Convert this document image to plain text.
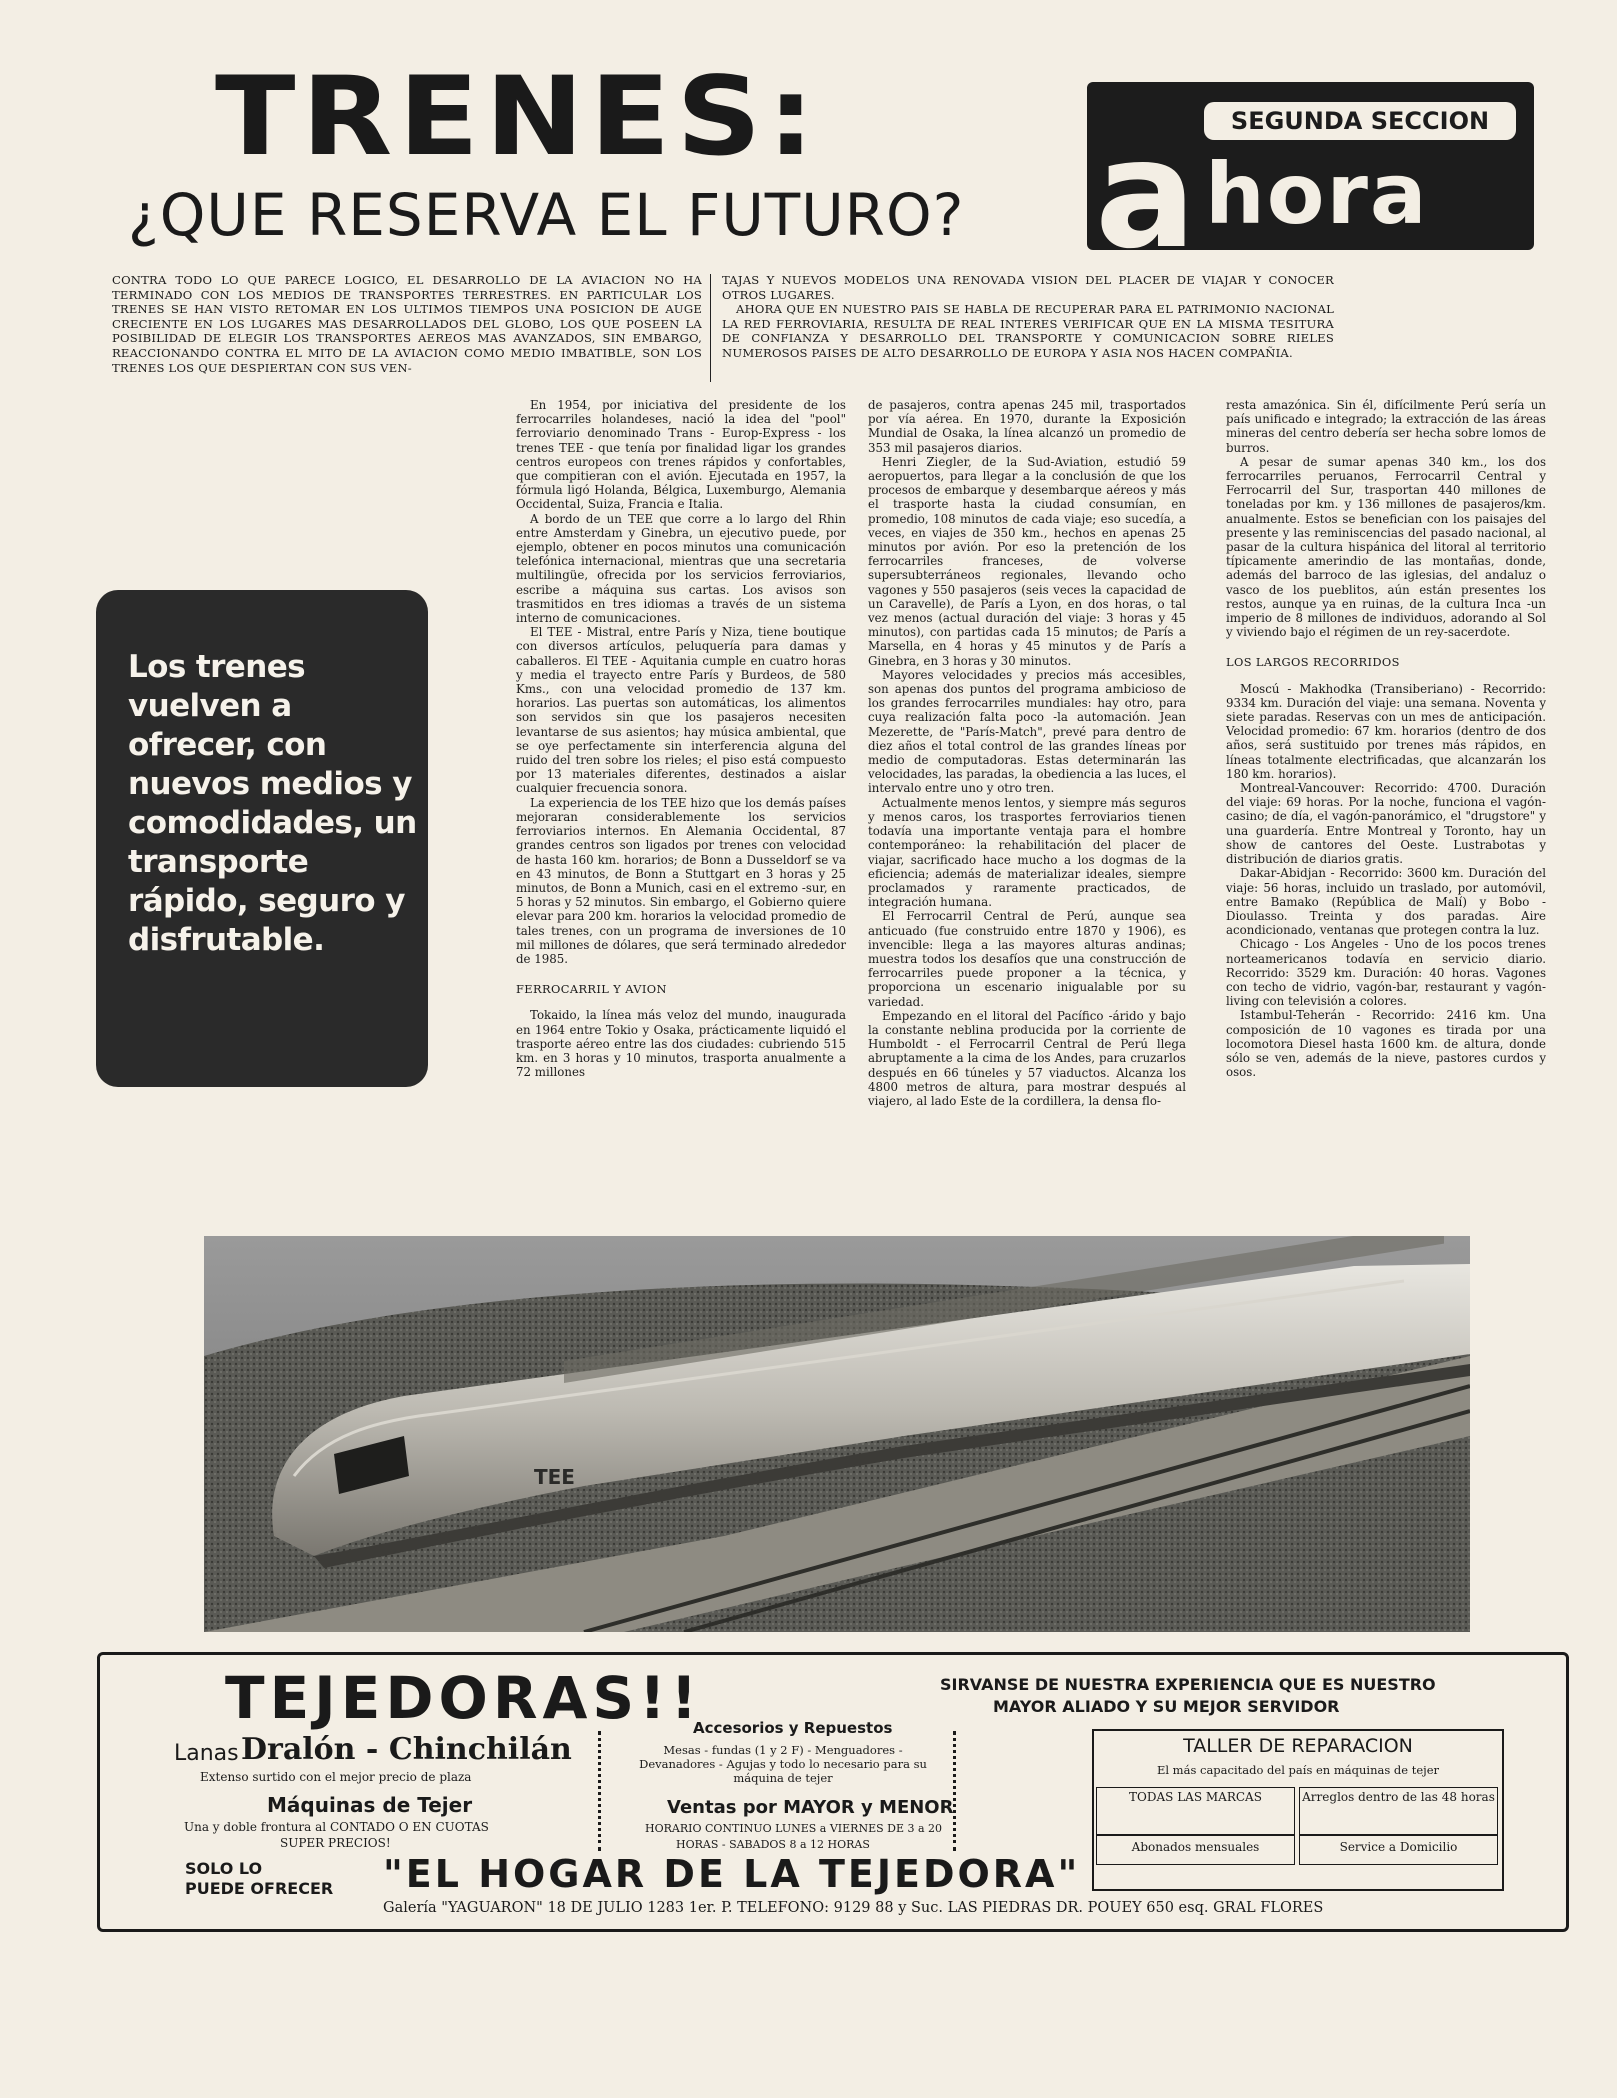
TRENES:
¿QUE RESERVA EL FUTURO?
SEGUNDA SECCION
a hora
CONTRA TODO LO QUE PARECE LOGICO, EL DESARROLLO DE LA AVIACION NO HA TERMINADO CON LOS MEDIOS DE TRANSPORTES TERRESTRES. EN PARTICULAR LOS TRENES SE HAN VISTO RETOMAR EN LOS ULTIMOS TIEMPOS UNA POSICION DE AUGE CRECIENTE EN LOS LUGARES MAS DESARROLLADOS DEL GLOBO, LOS QUE POSEEN LA POSIBILIDAD DE ELEGIR LOS TRANSPORTES AEREOS MAS AVANZADOS, SIN EMBARGO, REACCIONANDO CONTRA EL MITO DE LA AVIACION COMO MEDIO IMBATIBLE, SON LOS TRENES LOS QUE DESPIERTAN CON SUS VEN-
TAJAS Y NUEVOS MODELOS UNA RENOVADA VISION DEL PLACER DE VIAJAR Y CONOCER OTROS LUGARES.
AHORA QUE EN NUESTRO PAIS SE HABLA DE RECUPERAR PARA EL PATRIMONIO NACIONAL LA RED FERROVIARIA, RESULTA DE REAL INTERES VERIFICAR QUE EN LA MISMA TESITURA DE CONFIANZA Y DESARROLLO DEL TRANSPORTE Y COMUNICACION SOBRE RIELES NUMEROSOS PAISES DE ALTO DESARROLLO DE EUROPA Y ASIA NOS HACEN COMPAÑIA.
Los trenes vuelven a ofrecer, con nuevos medios y comodidades, un transporte rápido, seguro y disfrutable.

En 1954, por iniciativa del presidente de los ferrocarriles holandeses, nació la idea del "pool" ferroviario denominado Trans - Europ-Express - los trenes TEE - que tenía por finalidad ligar los grandes centros europeos con trenes rápidos y confortables, que compitieran con el avión. Ejecutada en 1957, la fórmula ligó Holanda, Bélgica, Luxemburgo, Alemania Occidental, Suiza, Francia e Italia.

A bordo de un TEE que corre a lo largo del Rhin entre Amsterdam y Ginebra, un ejecutivo puede, por ejemplo, obtener en pocos minutos una comunicación telefónica internacional, mientras que una secretaria multilingüe, ofrecida por los servicios ferroviarios, escribe a máquina sus cartas. Los avisos son trasmitidos en tres idiomas a través de un sistema interno de comunicaciones.

El TEE - Mistral, entre París y Niza, tiene boutique con diversos artículos, peluquería para damas y caballeros. El TEE - Aquitania cumple en cuatro horas y media el trayecto entre París y Burdeos, de 580 Kms., con una velocidad promedio de 137 km. horarios. Las puertas son automáticas, los alimentos son servidos sin que los pasajeros necesiten levantarse de sus asientos; hay música ambiental, que se oye perfectamente sin interferencia alguna del ruido del tren sobre los rieles; el piso está compuesto por 13 materiales diferentes, destinados a aislar cualquier frecuencia sonora.

La experiencia de los TEE hizo que los demás países mejoraran considerablemente los servicios ferroviarios internos. En Alemania Occidental, 87 grandes centros son ligados por trenes con velocidad de hasta 160 km. horarios; de Bonn a Dusseldorf se va en 43 minutos, de Bonn a Stuttgart en 3 horas y 25 minutos, de Bonn a Munich, casi en el extremo -sur, en 5 horas y 52 minutos. Sin embargo, el Gobierno quiere elevar para 200 km. horarios la velocidad promedio de tales trenes, con un programa de inversiones de 10 mil millones de dólares, que será terminado alrededor de 1985.

FERROCARRIL Y AVION

Tokaido, la línea más veloz del mundo, inaugurada en 1964 entre Tokio y Osaka, prácticamente liquidó el trasporte aéreo entre las dos ciudades: cubriendo 515 km. en 3 horas y 10 minutos, trasporta anualmente a 72 millones

de pasajeros, contra apenas 245 mil, trasportados por vía aérea. En 1970, durante la Exposición Mundial de Osaka, la línea alcanzó un promedio de 353 mil pasajeros diarios.

Henri Ziegler, de la Sud-Aviation, estudió 59 aeropuertos, para llegar a la conclusión de que los procesos de embarque y desembarque aéreos y más el trasporte hasta la ciudad consumían, en promedio, 108 minutos de cada viaje; eso sucedía, a veces, en viajes de 350 km., hechos en apenas 25 minutos por avión. Por eso la pretención de los ferrocarriles franceses, de volverse supersubterráneos regionales, llevando ocho vagones y 550 pasajeros (seis veces la capacidad de un Caravelle), de París a Lyon, en dos horas, o tal vez menos (actual duración del viaje: 3 horas y 45 minutos), con partidas cada 15 minutos; de París a Marsella, en 4 horas y 45 minutos y de París a Ginebra, en 3 horas y 30 minutos.

Mayores velocidades y precios más accesibles, son apenas dos puntos del programa ambicioso de los grandes ferrocarriles mundiales: hay otro, para cuya realización falta poco -la automación. Jean Mezerette, de "París-Match", prevé para dentro de diez años el total control de las grandes líneas por medio de computadoras. Estas determinarán las velocidades, las paradas, la obediencia a las luces, el intervalo entre uno y otro tren.

Actualmente menos lentos, y siempre más seguros y menos caros, los trasportes ferroviarios tienen todavía una importante ventaja para el hombre contemporáneo: la rehabilitación del placer de viajar, sacrificado hace mucho a los dogmas de la eficiencia; además de materializar ideales, siempre proclamados y raramente practicados, de integración humana.

El Ferrocarril Central de Perú, aunque sea anticuado (fue construido entre 1870 y 1906), es invencible: llega a las mayores alturas andinas; muestra todos los desafíos que una construcción de ferrocarriles puede proponer a la técnica, y proporciona un escenario inigualable por su variedad.

Empezando en el litoral del Pacífico -árido y bajo la constante neblina producida por la corriente de Humboldt - el Ferrocarril Central de Perú llega abruptamente a la cima de los Andes, para cruzarlos después en 66 túneles y 57 viaductos. Alcanza los 4800 metros de altura, para mostrar después al viajero, al lado Este de la cordillera, la densa flo-

resta amazónica. Sin él, difícilmente Perú sería un país unificado e integrado; la extracción de las áreas mineras del centro debería ser hecha sobre lomos de burros.

A pesar de sumar apenas 340 km., los dos ferrocarriles peruanos, Ferrocarril Central y Ferrocarril del Sur, trasportan 440 millones de toneladas por km. y 136 millones de pasajeros/km. anualmente. Estos se benefician con los paisajes del presente y las reminiscencias del pasado nacional, al pasar de la cultura hispánica del litoral al territorio típicamente amerindio de las montañas, donde, además del barroco de las iglesias, del andaluz o vasco de los pueblitos, aún están presentes los restos, aunque ya en ruinas, de la cultura Inca -un imperio de 8 millones de individuos, adorando al Sol y viviendo bajo el régimen de un rey-sacerdote.

LOS LARGOS RECORRIDOS

Moscú - Makhodka (Transiberiano) - Recorrido: 9334 km. Duración del viaje: una semana. Noventa y siete paradas. Reservas con un mes de anticipación. Velocidad promedio: 67 km. horarios (dentro de dos años, será sustituido por trenes más rápidos, en líneas totalmente electrificadas, que alcanzarán los 180 km. horarios).

Montreal-Vancouver: Recorrido: 4700. Duración del viaje: 69 horas. Por la noche, funciona el vagón-casino; de día, el vagón-panorámico, el "drugstore" y una guardería. Entre Montreal y Toronto, hay un show de cantores del Oeste. Lustrabotas y distribución de diarios gratis.

Dakar-Abidjan - Recorrido: 3600 km. Duración del viaje: 56 horas, incluido un traslado, por automóvil, entre Bamako (República de Malí) y Bobo - Dioulasso. Treinta y dos paradas. Aire acondicionado, ventanas que protegen contra la luz.

Chicago - Los Angeles - Uno de los pocos trenes norteamericanos todavía en servicio diario. Recorrido: 3529 km. Duración: 40 horas. Vagones con techo de vidrio, vagón-bar, restaurant y vagón-living con televisión a colores.

Istambul-Teherán - Recorrido: 2416 km. Una composición de 10 vagones es tirada por una locomotora Diesel hasta 1600 km. de altura, donde sólo se ven, además de la nieve, pastores curdos y osos.

TEE
TEJEDORAS!!
Lanas Dralón - Chinchilán
Extenso surtido con el mejor precio de plaza
Máquinas de Tejer
Una y doble frontura al CONTADO O EN CUOTAS
SUPER PRECIOS!
Accesorios y Repuestos
Mesas - fundas (1 y 2 F) - Menguadores - Devanadores - Agujas y todo lo necesario para su máquina de tejer
Ventas por MAYOR y MENOR
HORARIO CONTINUO LUNES a VIERNES DE 3 a 20
HORAS - SABADOS 8 a 12 HORAS
SIRVANSE DE NUESTRA EXPERIENCIA QUE ES NUESTRO
MAYOR ALIADO Y SU MEJOR SERVIDOR
TALLER DE REPARACION
El más capacitado del país en máquinas de tejer
TODAS LAS MARCAS	Arreglos dentro de las 48 horas
Abonados mensuales	Service a Domicilio
SOLO LO
PUEDE OFRECER "EL HOGAR DE LA TEJEDORA"
Galería "YAGUARON" 18 DE JULIO 1283 1er. P. TELEFONO: 9129 88 y Suc. LAS PIEDRAS DR. POUEY 650 esq. GRAL FLORES
